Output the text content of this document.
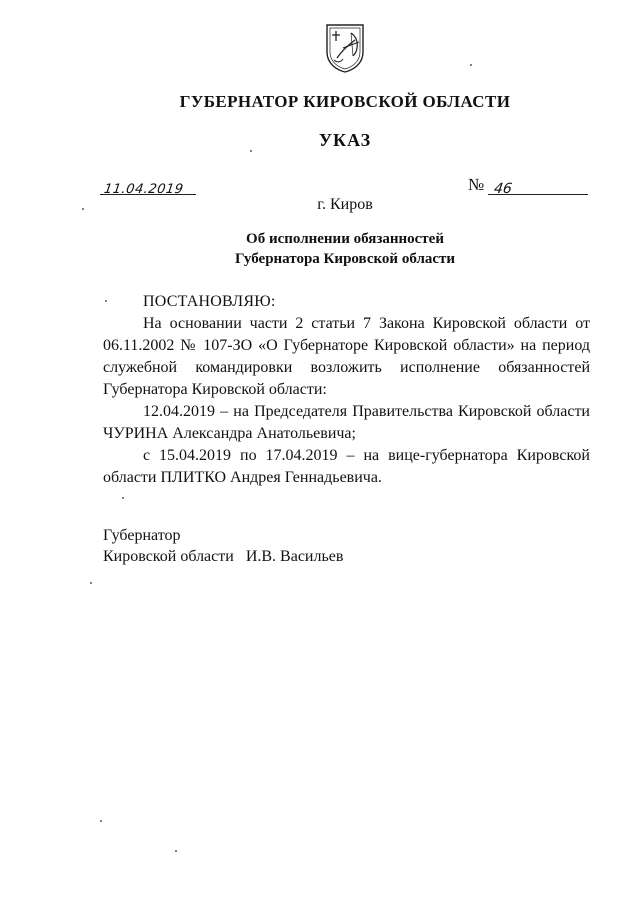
ГУБЕРНАТОР КИРОВСКОЙ ОБЛАСТИ
УКАЗ
11.04.2019	№ 46
г. Киров
Об исполнении обязанностей
Губернатора Кировской области

ПОСТАНОВЛЯЮ:

На основании части 2 статьи 7 Закона Кировской области от 06.11.2002 № 107-ЗО «О Губернаторе Кировской области» на период служебной командировки возложить исполнение обязанностей Губернатора Кировской области:

12.04.2019 – на Председателя Правительства Кировской области ЧУРИНА Александра Анатольевича;

с 15.04.2019 по 17.04.2019 – на вице-губернатора Кировской области ПЛИТКО Андрея Геннадьевича.

Губернатор
Кировской области И.В. Васильев
